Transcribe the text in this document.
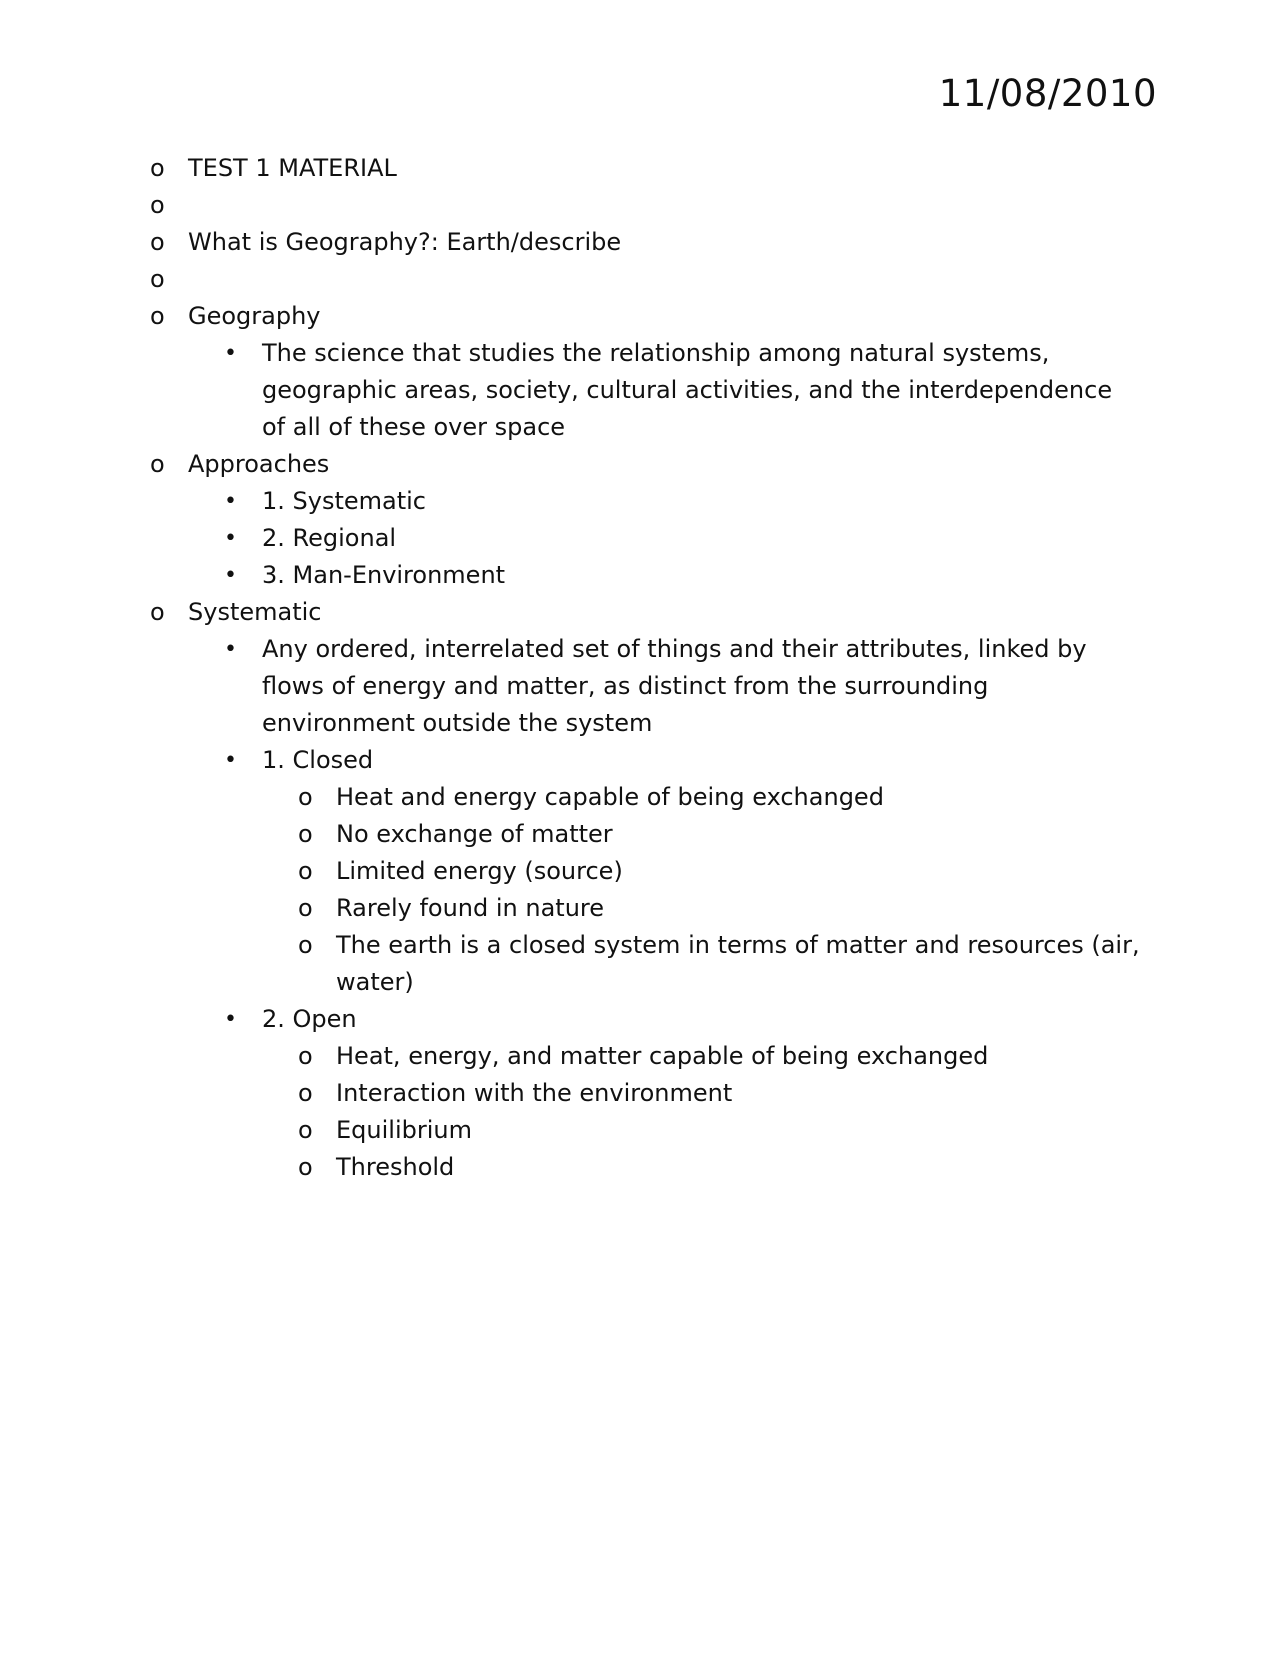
11/08/2010
o TEST 1 MATERIAL
o
o What is Geography?: Earth/describe
o
o Geography
•	The science that studies the relationship among natural systems, geographic areas, society, cultural activities, and the interdependence of all of these over space
o Approaches
•	1. Systematic
•	2. Regional
•	3. Man-Environment
o Systematic
•	Any ordered, interrelated set of things and their attributes, linked by flows of energy and matter, as distinct from the surrounding environment outside the system
•	1. Closed
o Heat and energy capable of being exchanged
o No exchange of matter
o Limited energy (source)
o Rarely found in nature
o The earth is a closed system in terms of matter and resources (air, water)
•	2. Open
o Heat, energy, and matter capable of being exchanged
o Interaction with the environment
o Equilibrium
o Threshold
